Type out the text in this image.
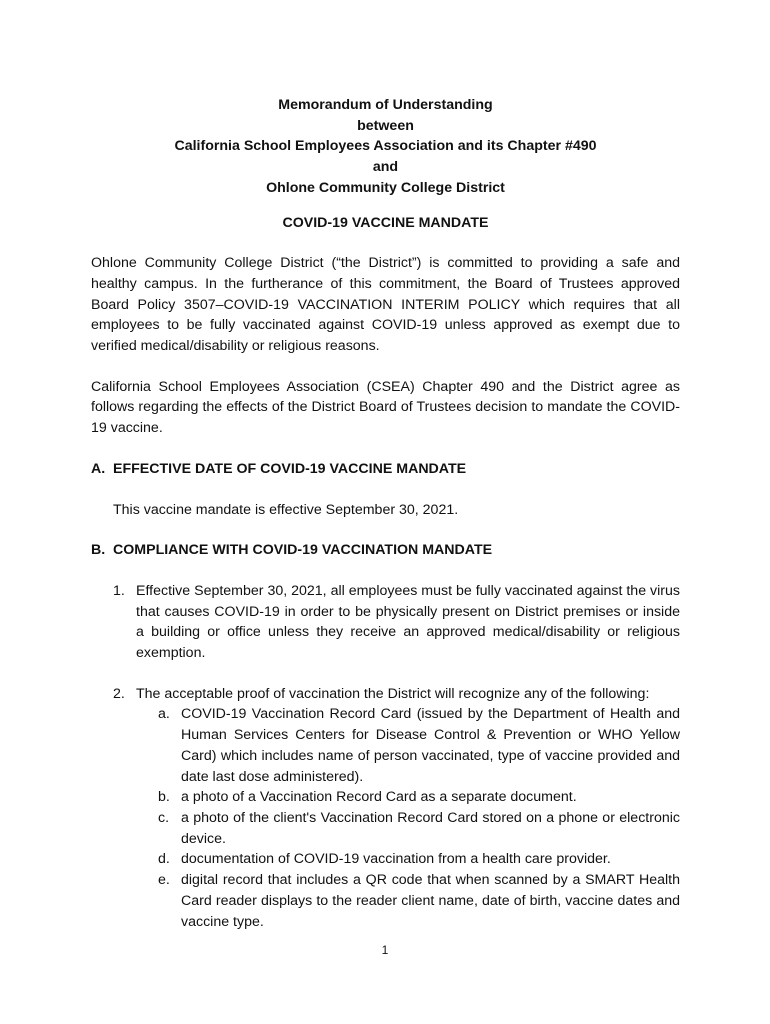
Memorandum of Understanding
between
California School Employees Association and its Chapter #490
and
Ohlone Community College District
COVID-19 VACCINE MANDATE

Ohlone Community College District (“the District”) is committed to providing a safe and healthy campus. In the furtherance of this commitment, the Board of Trustees approved Board Policy 3507–COVID-19 VACCINATION INTERIM POLICY which requires that all employees to be fully vaccinated against COVID-19 unless approved as exempt due to verified medical/disability or religious reasons.

California School Employees Association (CSEA) Chapter 490 and the District agree as follows regarding the effects of the District Board of Trustees decision to mandate the COVID-19 vaccine.

A. EFFECTIVE DATE OF COVID-19 VACCINE MANDATE
This vaccine mandate is effective September 30, 2021.
B. COMPLIANCE WITH COVID-19 VACCINATION MANDATE
1. Effective September 30, 2021, all employees must be fully vaccinated against the virus that causes COVID-19 in order to be physically present on District premises or inside a building or office unless they receive an approved medical/disability or religious exemption.
2. The acceptable proof of vaccination the District will recognize any of the following:
a. COVID-19 Vaccination Record Card (issued by the Department of Health and Human Services Centers for Disease Control & Prevention or WHO Yellow Card) which includes name of person vaccinated, type of vaccine provided and date last dose administered).
b. a photo of a Vaccination Record Card as a separate document.
c. a photo of the client's Vaccination Record Card stored on a phone or electronic device.
d. documentation of COVID-19 vaccination from a health care provider.
e. digital record that includes a QR code that when scanned by a SMART Health Card reader displays to the reader client name, date of birth, vaccine dates and vaccine type.
1
